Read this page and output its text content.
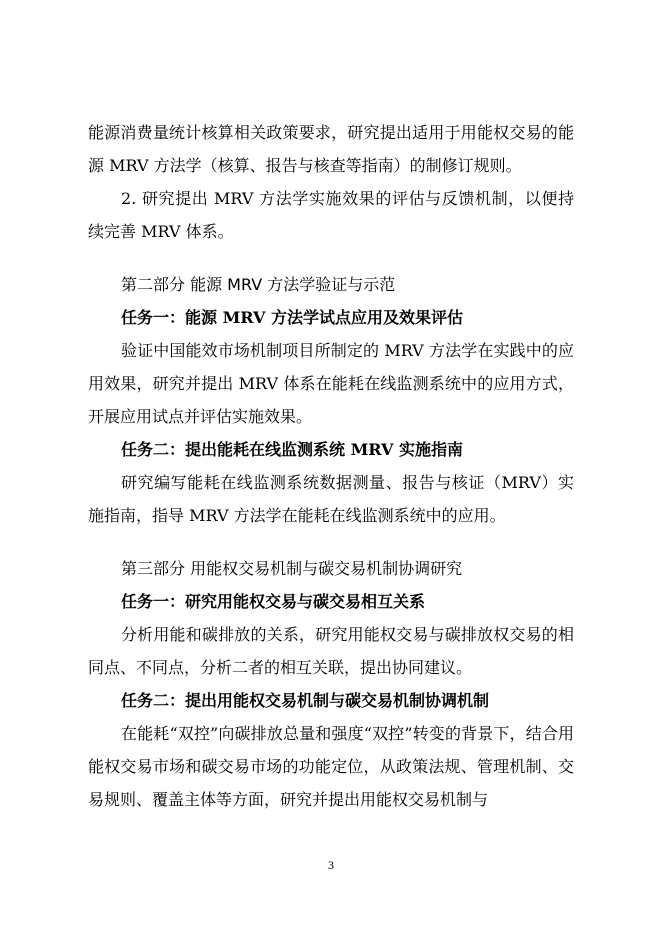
能源消费量统计核算相关政策要求，研究提出适用于用能权交易的能源 MRV 方法学（核算、报告与核查等指南）的制修订规则。

2. 研究提出 MRV 方法学实施效果的评估与反馈机制，以便持续完善 MRV 体系。

第二部分 能源 MRV 方法学验证与示范

任务一：能源 MRV 方法学试点应用及效果评估

验证中国能效市场机制项目所制定的 MRV 方法学在实践中的应用效果，研究并提出 MRV 体系在能耗在线监测系统中的应用方式，开展应用试点并评估实施效果。

任务二：提出能耗在线监测系统 MRV 实施指南

研究编写能耗在线监测系统数据测量、报告与核证（MRV）实施指南，指导 MRV 方法学在能耗在线监测系统中的应用。

第三部分 用能权交易机制与碳交易机制协调研究

任务一：研究用能权交易与碳交易相互关系

分析用能和碳排放的关系，研究用能权交易与碳排放权交易的相同点、不同点，分析二者的相互关联，提出协同建议。

任务二：提出用能权交易机制与碳交易机制协调机制

在能耗“双控”向碳排放总量和强度“双控”转变的背景下，结合用能权交易市场和碳交易市场的功能定位，从政策法规、管理机制、交易规则、覆盖主体等方面，研究并提出用能权交易机制与

3
